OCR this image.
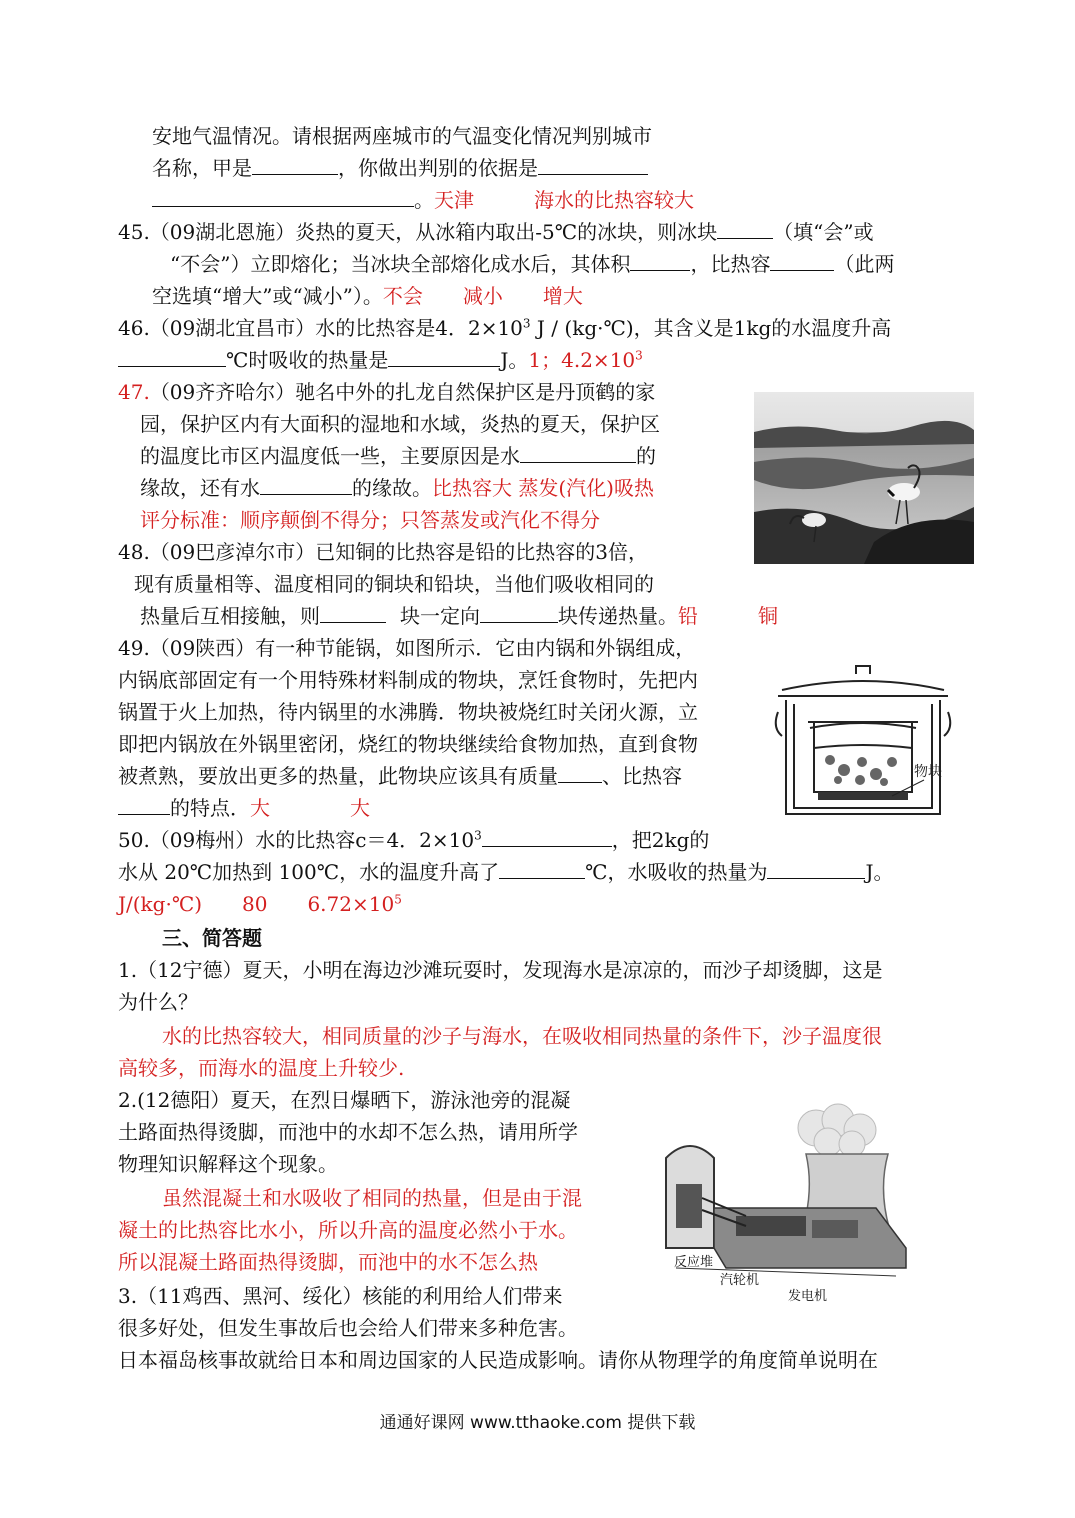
安地气温情况。请根据两座城市的气温变化情况判别城市
名称，甲是	，你做出判别的依据是
。天津　　　海水的比热容较大
45.（09湖北恩施）炎热的夏天，从冰箱内取出-5℃的冰块，则冰块	（填“会”或
“不会”）立即熔化；当冰块全部熔化成水后，其体积	，比热容	（此两
空选填“增大”或“减小”）。不会　　减小　　增大
46.（09湖北宜昌市）水的比热容是4．$2\times 10^3$ J / (kg·℃)，其含义是1kg的水温度升高
℃时吸收的热量是	J。1；$4.2\times 10^3$
47.（09齐齐哈尔）驰名中外的扎龙自然保护区是丹顶鹤的家
园，保护区内有大面积的湿地和水域，炎热的夏天，保护区
的温度比市区内温度低一些，主要原因是水	的
缘故，还有水	的缘故。比热容大 蒸发(汽化)吸热
评分标准：顺序颠倒不得分；只答蒸发或汽化不得分
48.（09巴彦淖尔市）已知铜的比热容是铅的比热容的3倍，
现有质量相等、温度相同的铜块和铅块，当他们吸收相同的
热量后互相接触，则	块一定向	块传递热量。铅　　　铜
49.（09陕西）有一种节能锅，如图所示．它由内锅和外锅组成，
内锅底部固定有一个用特殊材料制成的物块，烹饪食物时，先把内
锅置于火上加热，待内锅里的水沸腾．物块被烧红时关闭火源，立
即把内锅放在外锅里密闭，烧红的物块继续给食物加热，直到食物
被煮熟，要放出更多的热量，此物块应该具有质量 、比热容
的特点．大　　　　大
物块
50.（09梅州）水的比热容c＝4．$2\times 10^3$	，把2kg的
水从 20℃加热到 100℃，水的温度升高了	℃，水吸收的热量为	J。
J/(kg·℃)　　80　　$6.72\times 10^5$
三、简答题
1.（12宁德）夏天，小明在海边沙滩玩耍时，发现海水是凉凉的，而沙子却烫脚，这是
为什么？
水的比热容较大，相同质量的沙子与海水，在吸收相同热量的条件下，沙子温度很
高较多，而海水的温度上升较少.
2.(12德阳）夏天，在烈日爆晒下，游泳池旁的混凝
土路面热得烫脚，而池中的水却不怎么热，请用所学
物理知识解释这个现象。
虽然混凝土和水吸收了相同的热量，但是由于混
凝土的比热容比水小，所以升高的温度必然小于水。
所以混凝土路面热得烫脚，而池中的水不怎么热
3.（11鸡西、黑河、绥化）核能的利用给人们带来
很多好处，但发生事故后也会给人们带来多种危害。
日本福岛核事故就给日本和周边国家的人民造成影响。请你从物理学的角度简单说明在
反应堆
汽轮机
发电机
通通好课网 www.tthaoke.com 提供下载
